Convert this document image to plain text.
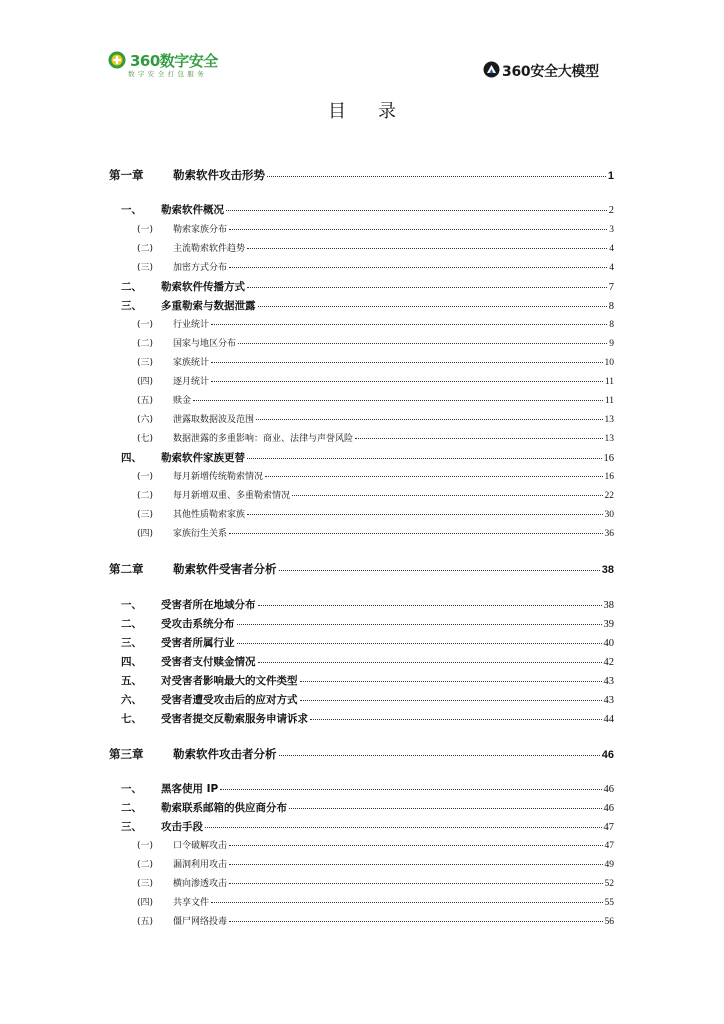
360数字安全
数字安全打包服务	360安全大模型
目录
第一章	勒索软件攻击形势	1
一、	勒索软件概况	2
(一)	勒索家族分布	3
(二)	主流勒索软件趋势	4
(三)	加密方式分布	4
二、	勒索软件传播方式	7
三、	多重勒索与数据泄露	8
(一)	行业统计	8
(二)	国家与地区分布	9
(三)	家族统计	10
(四)	逐月统计	11
(五)	赎金	11
(六)	泄露取数据波及范围	13
(七)	数据泄露的多重影响：商业、法律与声誉风险	13
四、	勒索软件家族更替	16
(一)	每月新增传统勒索情况	16
(二)	每月新增双重、多重勒索情况	22
(三)	其他性质勒索家族	30
(四)	家族衍生关系	36
第二章	勒索软件受害者分析	38
一、	受害者所在地域分布	38
二、	受攻击系统分布	39
三、	受害者所属行业	40
四、	受害者支付赎金情况	42
五、	对受害者影响最大的文件类型	43
六、	受害者遭受攻击后的应对方式	43
七、	受害者提交反勒索服务申请诉求	44
第三章	勒索软件攻击者分析	46
一、	黑客使用 IP	46
二、	勒索联系邮箱的供应商分布	46
三、	攻击手段	47
(一)	口令破解攻击	47
(二)	漏洞利用攻击	49
(三)	横向渗透攻击	52
(四)	共享文件	55
(五)	僵尸网络投毒	56
